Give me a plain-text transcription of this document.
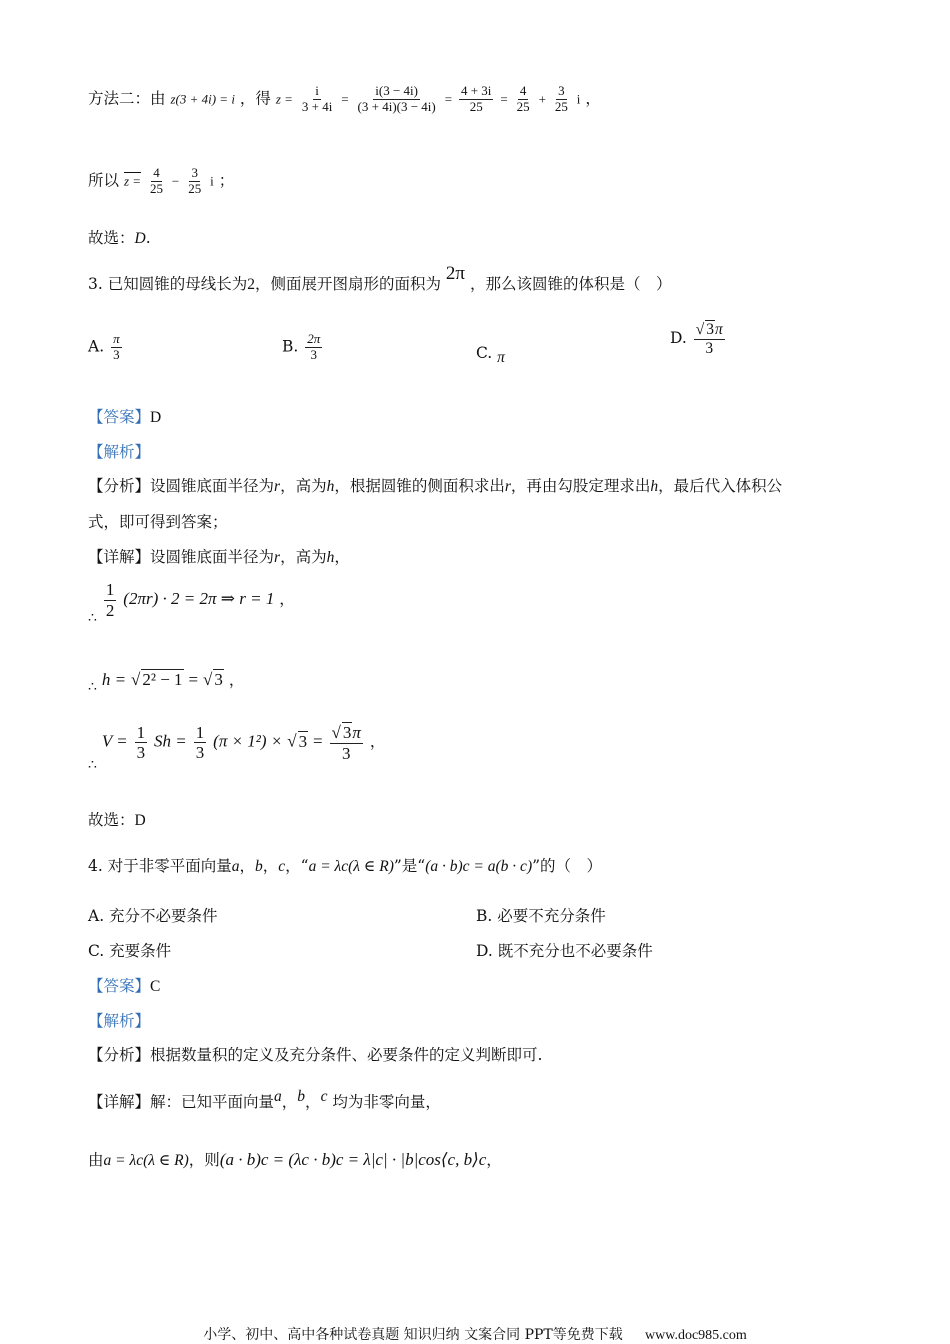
方法二：由 z(3 + 4i) = i ，得 $z = \frac{i}{3 + 4i} = \frac{i(3 - 4i)}{(3 + 4i)(3 - 4i)} = \frac{4 + 3i}{25} = \frac{4}{25} + \frac{3}{25}$ i ，
所以 $z = \frac{4}{25} - \frac{3}{25}$ i ；
故选：D.
3. 已知圆锥的母线长为2，侧面展开图扇形的面积为 2π ，那么该圆锥的体积是（　）
A. $\frac{\pi}{3}$	B. $\frac{2\pi}{3}$	C. π
D. $\frac{√ 3\pi}{3}$
【答案】D
【解析】
【分析】设圆锥底面半径为r，高为h，根据圆锥的侧面积求出r，再由勾股定理求出h，最后代入体积公
式，即可得到答案；
【详解】设圆锥底面半径为r，高为h，
∴ $\frac{1}{2} (2\pi r) \cdot 2 = 2\pi$ ⇒ r = 1 ，
∴ h = √ 2² − 1 = √ 3 ，
∴ $V = \frac{1}{3}$ $Sh = \frac{1}{3} (\pi \times 1^2)$ × √ $3 = \frac{√ 3\pi}{3}$ ，
故选：D
4. 对于非零平面向量a，b，c，“a = λc(λ ∈ R)”是“(a · b)c = a(b · c)”的（　）
A. 充分不必要条件	B. 必要不充分条件
C. 充要条件	D. 既不充分也不必要条件
【答案】C
【解析】
【分析】根据数量积的定义及充分条件、必要条件的定义判断即可.
【详解】解：已知平面向量a，b，c 均为非零向量，
由a = λc(λ ∈ R)，则(a · b)c = (λc · b)c = λ|c| · |b|cos⟨c, b⟩c，
小学、初中、高中各种试卷真题 知识归纳 文案合同 PPT等免费下载 www.doc985.com
